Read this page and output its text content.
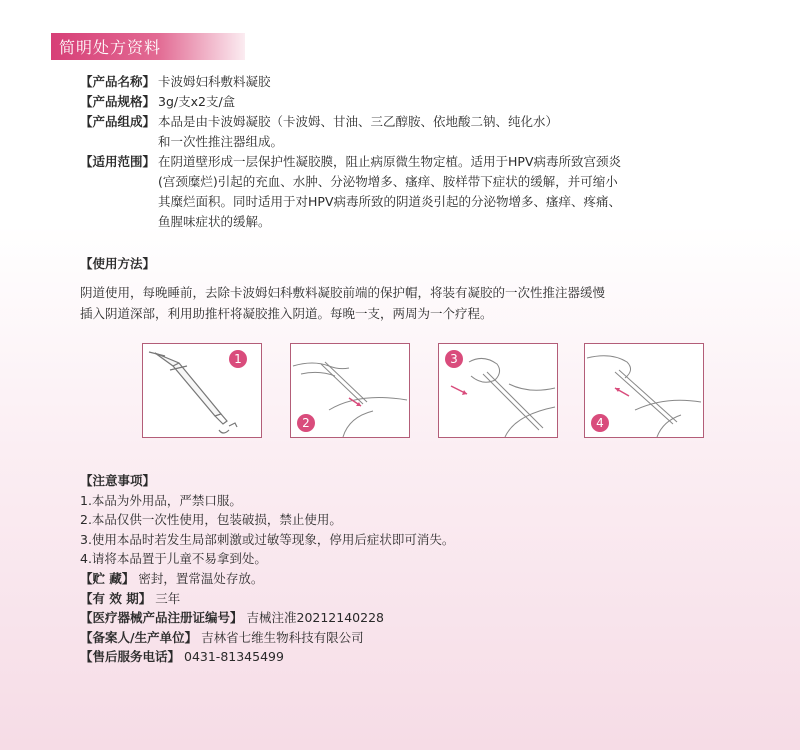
简明处方资料
【产品名称】 卡波姆妇科敷料凝胶
【产品规格】 3g/支x2支/盒
【产品组成】 本品是由卡波姆凝胶（卡波姆、甘油、三乙醇胺、依地酸二钠、纯化水）
和一次性推注器组成。
【适用范围】 在阴道壁形成一层保护性凝胶膜，阻止病原微生物定植。适用于HPV病毒所致宫颈炎
(宫颈糜烂)引起的充血、水肿、分泌物增多、瘙痒、胺样带下症状的缓解，并可缩小
其糜烂面积。同时适用于对HPV病毒所致的阴道炎引起的分泌物增多、瘙痒、疼痛、
鱼腥味症状的缓解。
【使用方法】

阴道使用，每晚睡前，去除卡波姆妇科敷料凝胶前端的保护帽，将装有凝胶的一次性推注器缓慢
插入阴道深部，利用助推杆将凝胶推入阴道。每晚一支，两周为一个疗程。

1
2
3
4
【注意事项】
1.本品为外用品，严禁口服。
2.本品仅供一次性使用，包装破损，禁止使用。
3.使用本品时若发生局部刺激或过敏等现象，停用后症状即可消失。
4.请将本品置于儿童不易拿到处。
【贮 藏】 密封，置常温处存放。
【有 效 期】 三年
【医疗器械产品注册证编号】 吉械注准20212140228
【备案人/生产单位】 吉林省七维生物科技有限公司
【售后服务电话】 0431-81345499
